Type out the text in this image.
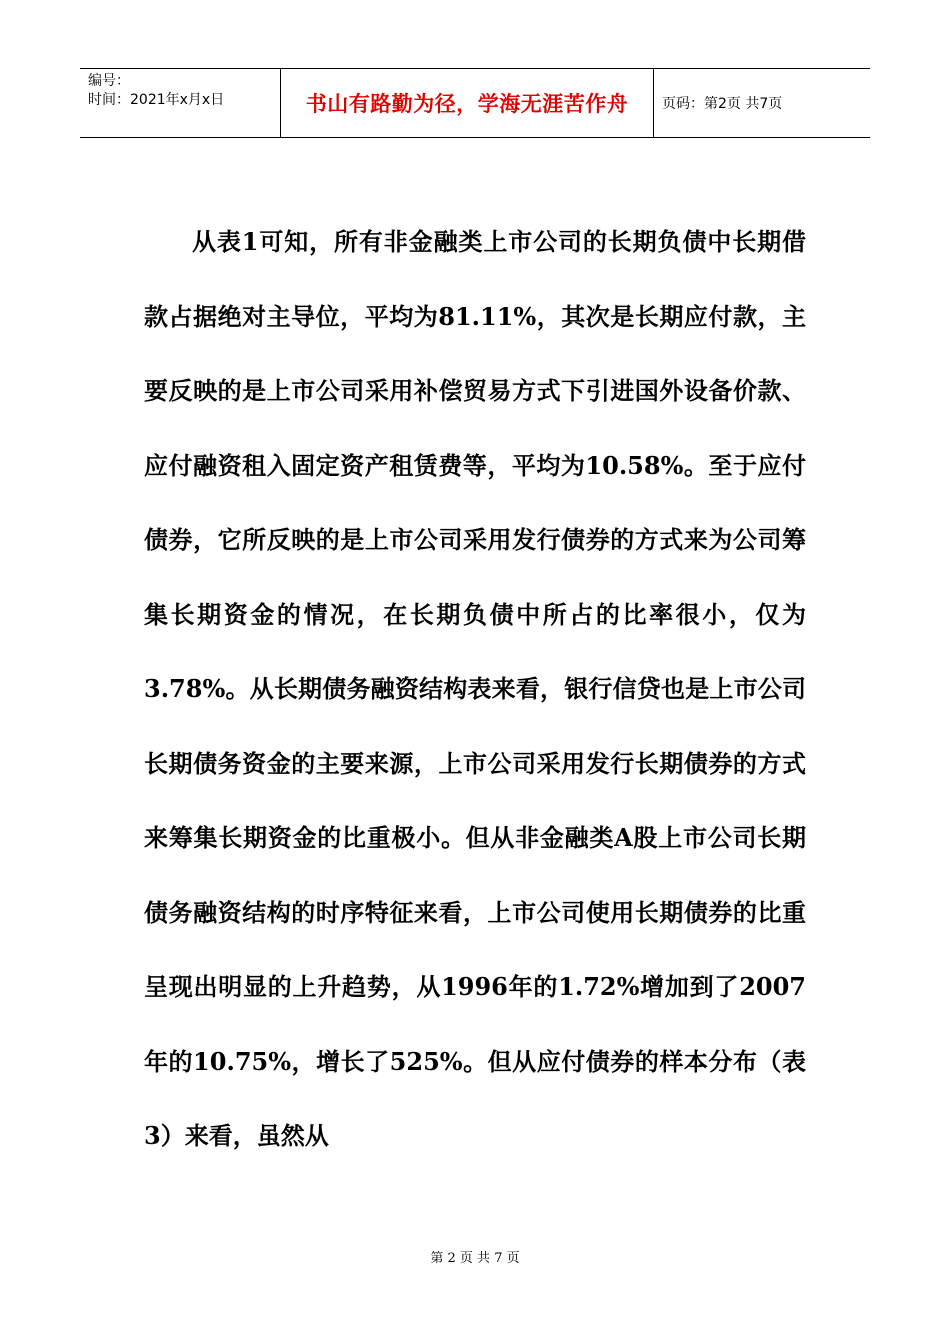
编号：
时间：2021年x月x日	书山有路勤为径，学海无涯苦作舟 页码：第2页 共7页

从表1可知，所有非金融类上市公司的长期负债中长期借款占据绝对主导位，平均为81.11%，其次是长期应付款，主要反映的是上市公司采用补偿贸易方式下引进国外设备价款、应付融资租入固定资产租赁费等，平均为10.58%。至于应付债券，它所反映的是上市公司采用发行债券的方式来为公司筹集长期资金的情况，在长期负债中所占的比率很小，仅为3.78%。从长期债务融资结构表来看，银行信贷也是上市公司长期债务资金的主要来源，上市公司采用发行长期债券的方式来筹集长期资金的比重极小。但从非金融类A股上市公司长期债务融资结构的时序特征来看，上市公司使用长期债券的比重呈现出明显的上升趋势，从1996年的1.72%增加到了2007年的10.75%，增长了525%。但从应付债券的样本分布（表3）来看，虽然从

第 2 页 共 7 页
